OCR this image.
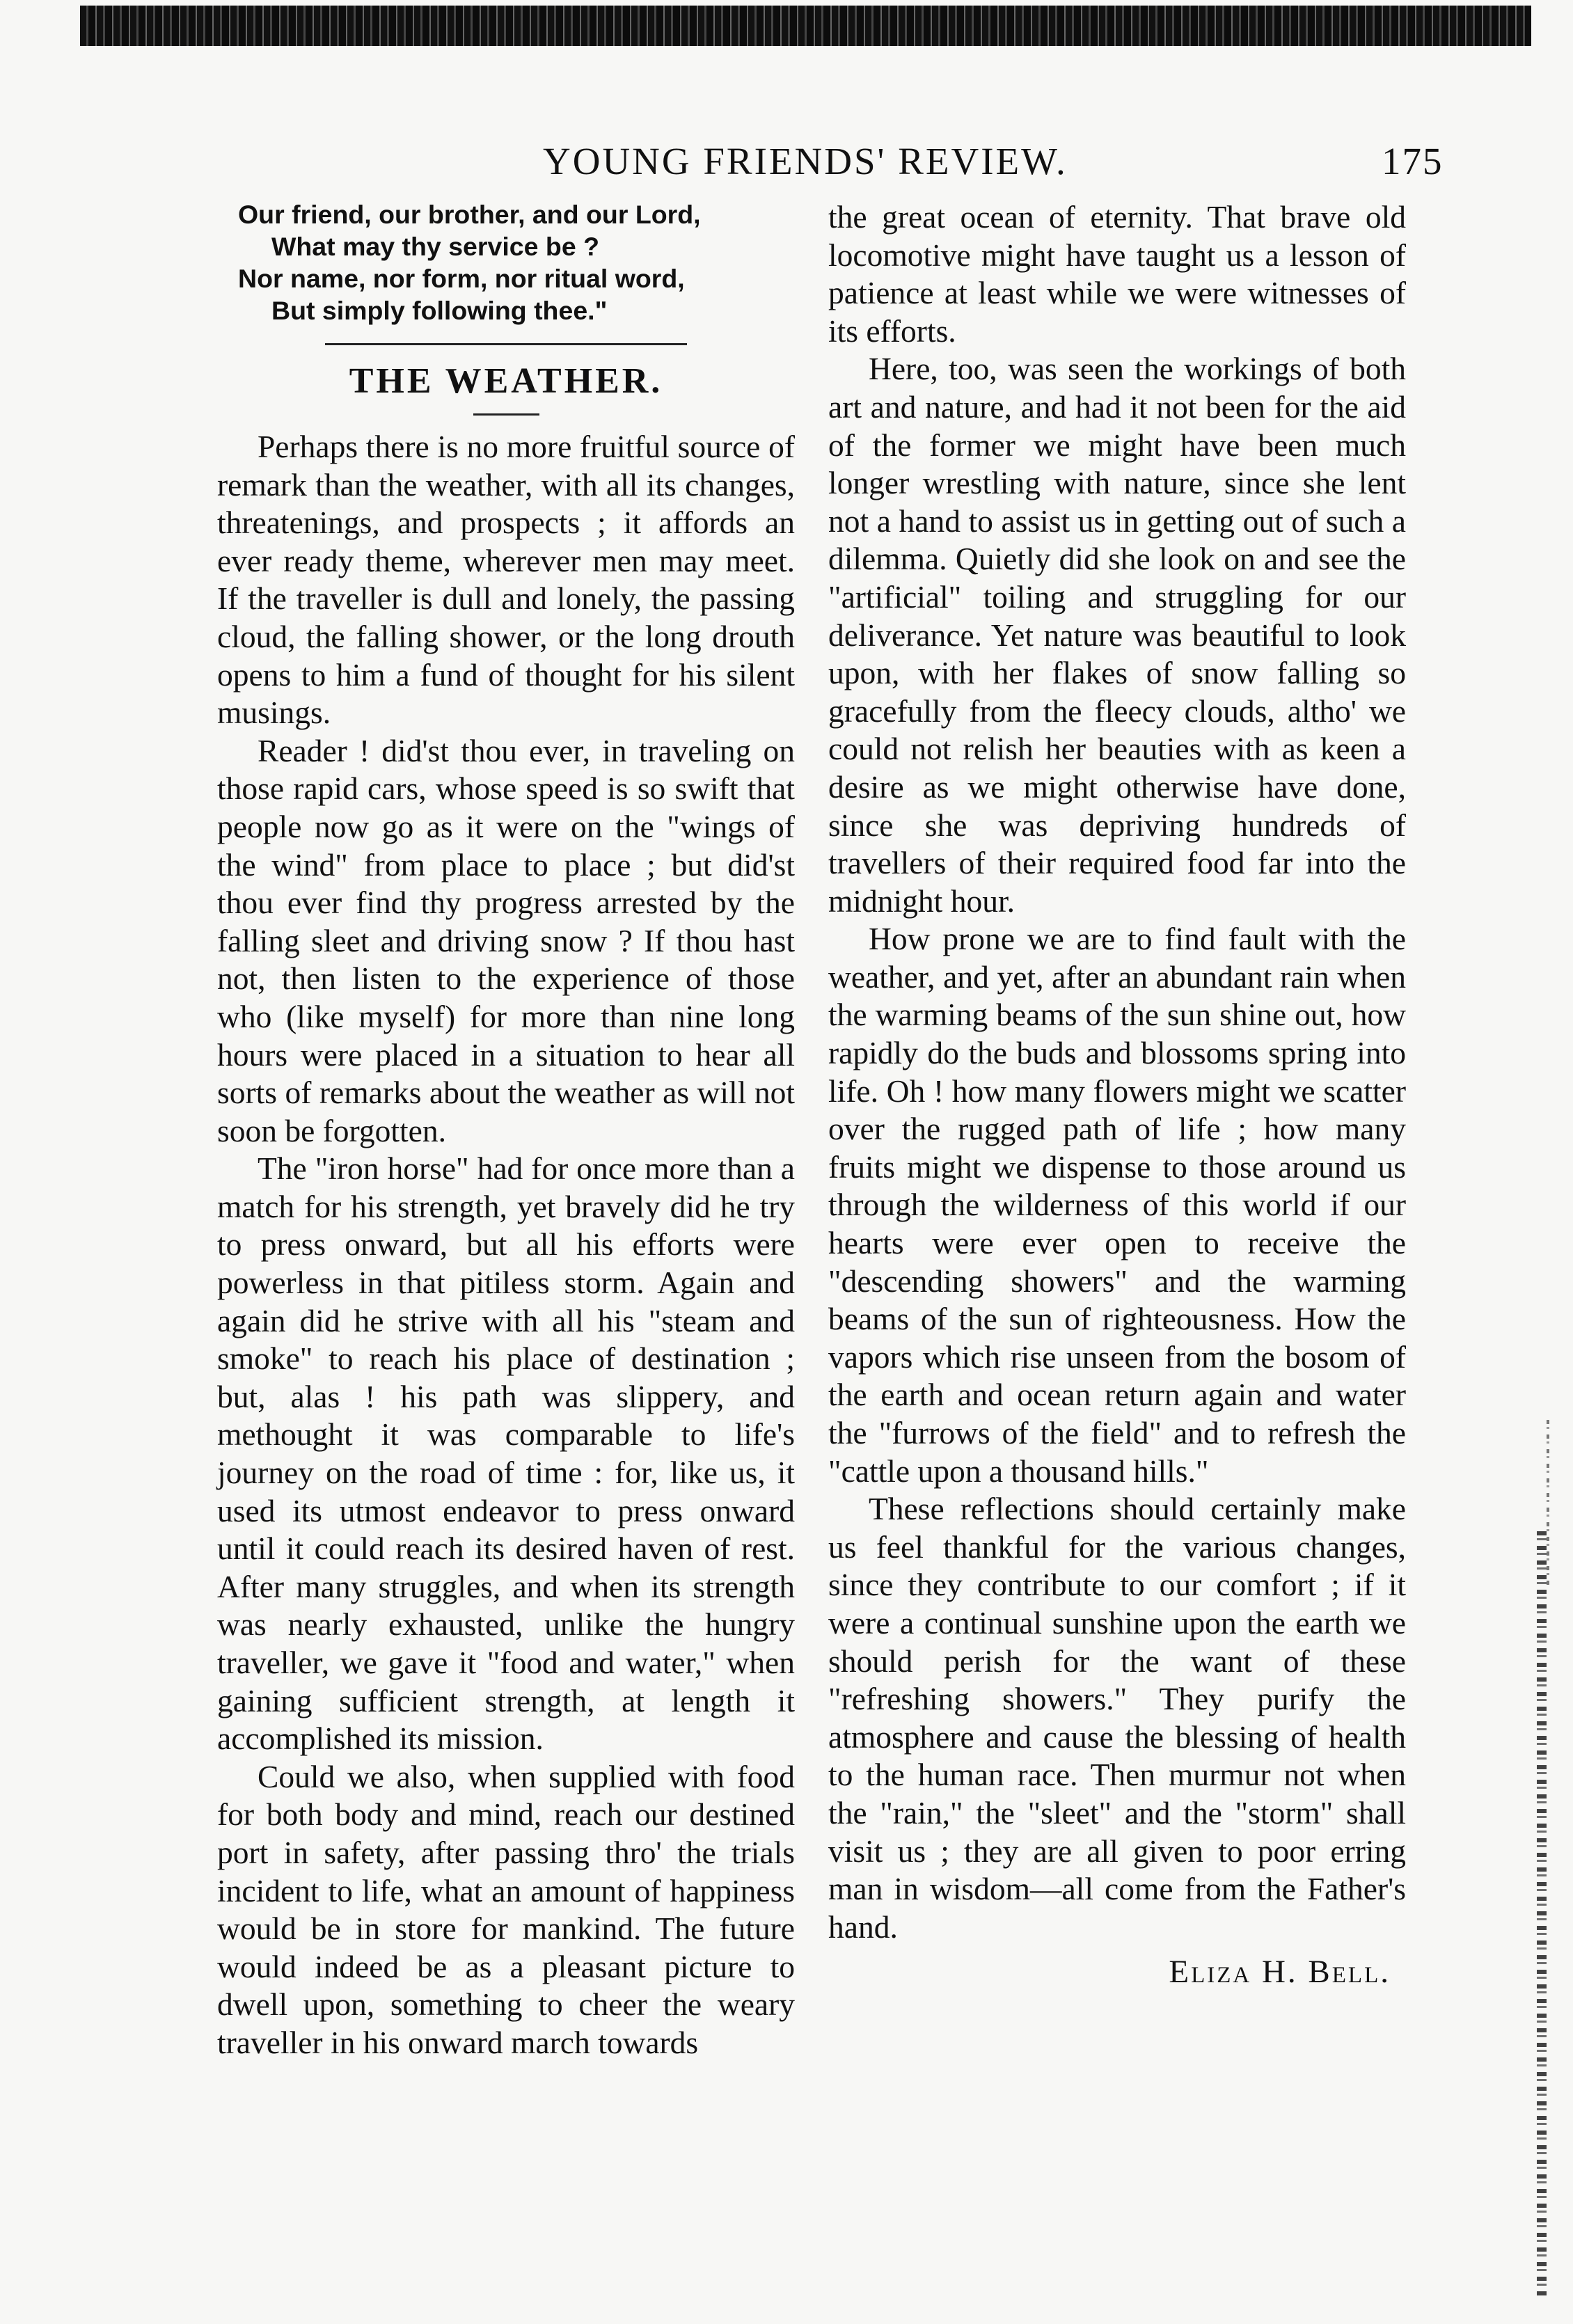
YOUNG FRIENDS' REVIEW.	175
Our friend, our brother, and our Lord,
What may thy service be ?
Nor name, nor form, nor ritual word,
But simply following thee."
THE WEATHER.

Perhaps there is no more fruitful source of remark than the weather, with all its changes, threatenings, and prospects ; it affords an ever ready theme, wherever men may meet. If the traveller is dull and lonely, the passing cloud, the falling shower, or the long drouth opens to him a fund of thought for his silent musings.

Reader ! did'st thou ever, in traveling on those rapid cars, whose speed is so swift that people now go as it were on the "wings of the wind" from place to place ; but did'st thou ever find thy progress arrested by the falling sleet and driving snow ? If thou hast not, then listen to the experience of those who (like myself) for more than nine long hours were placed in a situation to hear all sorts of remarks about the weather as will not soon be forgotten.

The "iron horse" had for once more than a match for his strength, yet bravely did he try to press onward, but all his efforts were powerless in that pitiless storm. Again and again did he strive with all his "steam and smoke" to reach his place of destination ; but, alas ! his path was slippery, and methought it was comparable to life's journey on the road of time : for, like us, it used its utmost endeavor to press onward until it could reach its desired haven of rest. After many struggles, and when its strength was nearly exhausted, unlike the hungry traveller, we gave it "food and water," when gaining sufficient strength, at length it accomplished its mission.

Could we also, when supplied with food for both body and mind, reach our destined port in safety, after passing thro' the trials incident to life, what an amount of happiness would be in store for mankind. The future would indeed be as a pleasant picture to dwell upon, something to cheer the weary traveller in his onward march towards

the great ocean of eternity. That brave old locomotive might have taught us a lesson of patience at least while we were witnesses of its efforts.

Here, too, was seen the workings of both art and nature, and had it not been for the aid of the former we might have been much longer wrestling with nature, since she lent not a hand to assist us in getting out of such a dilemma. Quietly did she look on and see the "artificial" toiling and struggling for our deliverance. Yet nature was beautiful to look upon, with her flakes of snow falling so gracefully from the fleecy clouds, altho' we could not relish her beauties with as keen a desire as we might otherwise have done, since she was depriving hundreds of travellers of their required food far into the midnight hour.

How prone we are to find fault with the weather, and yet, after an abundant rain when the warming beams of the sun shine out, how rapidly do the buds and blossoms spring into life. Oh ! how many flowers might we scatter over the rugged path of life ; how many fruits might we dispense to those around us through the wilderness of this world if our hearts were ever open to receive the "descending showers" and the warming beams of the sun of righteousness. How the vapors which rise unseen from the bosom of the earth and ocean return again and water the "furrows of the field" and to refresh the "cattle upon a thousand hills."

These reflections should certainly make us feel thankful for the various changes, since they contribute to our comfort ; if it were a continual sunshine upon the earth we should perish for the want of these "refreshing showers." They purify the atmosphere and cause the blessing of health to the human race. Then murmur not when the "rain," the "sleet" and the "storm" shall visit us ; they are all given to poor erring man in wisdom—all come from the Father's hand.

Eliza H. Bell.
